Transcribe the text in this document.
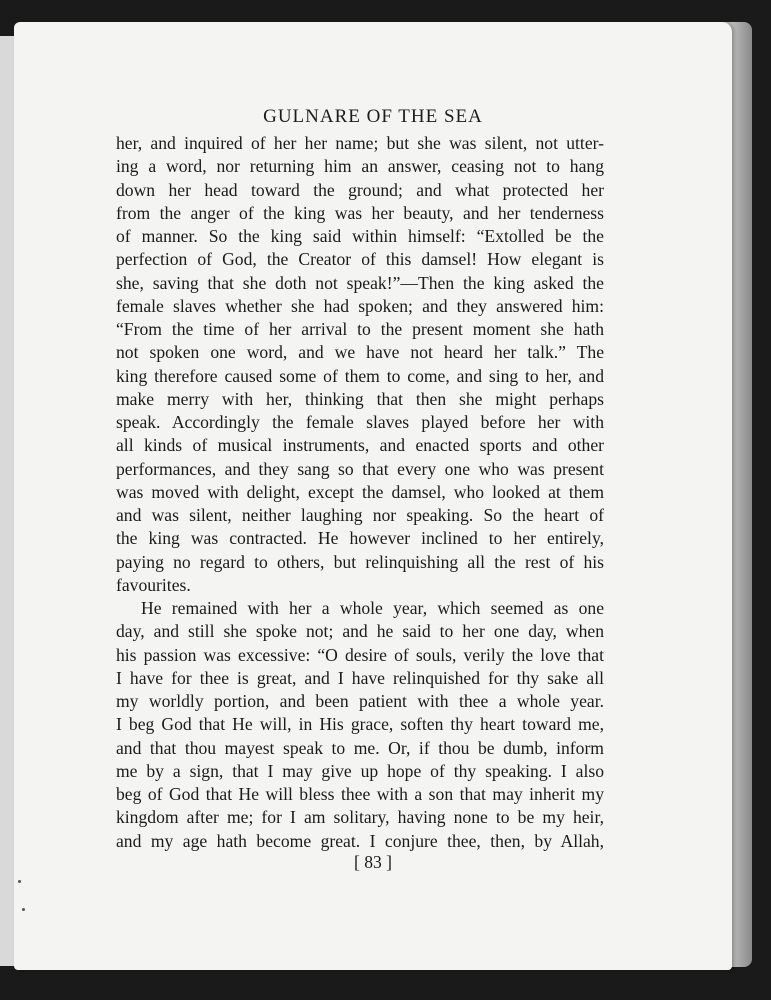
GULNARE OF THE SEA
her, and inquired of her her name; but she was silent, not utter-
ing a word, nor returning him an answer, ceasing not to hang
down her head toward the ground; and what protected her
from the anger of the king was her beauty, and her tenderness
of manner. So the king said within himself: “Extolled be the
perfection of God, the Creator of this damsel! How elegant is
she, saving that she doth not speak!”—Then the king asked the
female slaves whether she had spoken; and they answered him:
“From the time of her arrival to the present moment she hath
not spoken one word, and we have not heard her talk.” The
king therefore caused some of them to come, and sing to her, and
make merry with her, thinking that then she might perhaps
speak. Accordingly the female slaves played before her with
all kinds of musical instruments, and enacted sports and other
performances, and they sang so that every one who was present
was moved with delight, except the damsel, who looked at them
and was silent, neither laughing nor speaking. So the heart of
the king was contracted. He however inclined to her entirely,
paying no regard to others, but relinquishing all the rest of his
favourites.
He remained with her a whole year, which seemed as one
day, and still she spoke not; and he said to her one day, when
his passion was excessive: “O desire of souls, verily the love that
I have for thee is great, and I have relinquished for thy sake all
my worldly portion, and been patient with thee a whole year.
I beg God that He will, in His grace, soften thy heart toward me,
and that thou mayest speak to me. Or, if thou be dumb, inform
me by a sign, that I may give up hope of thy speaking. I also
beg of God that He will bless thee with a son that may inherit my
kingdom after me; for I am solitary, having none to be my heir,
and my age hath become great. I conjure thee, then, by Allah,
[ 83 ]
